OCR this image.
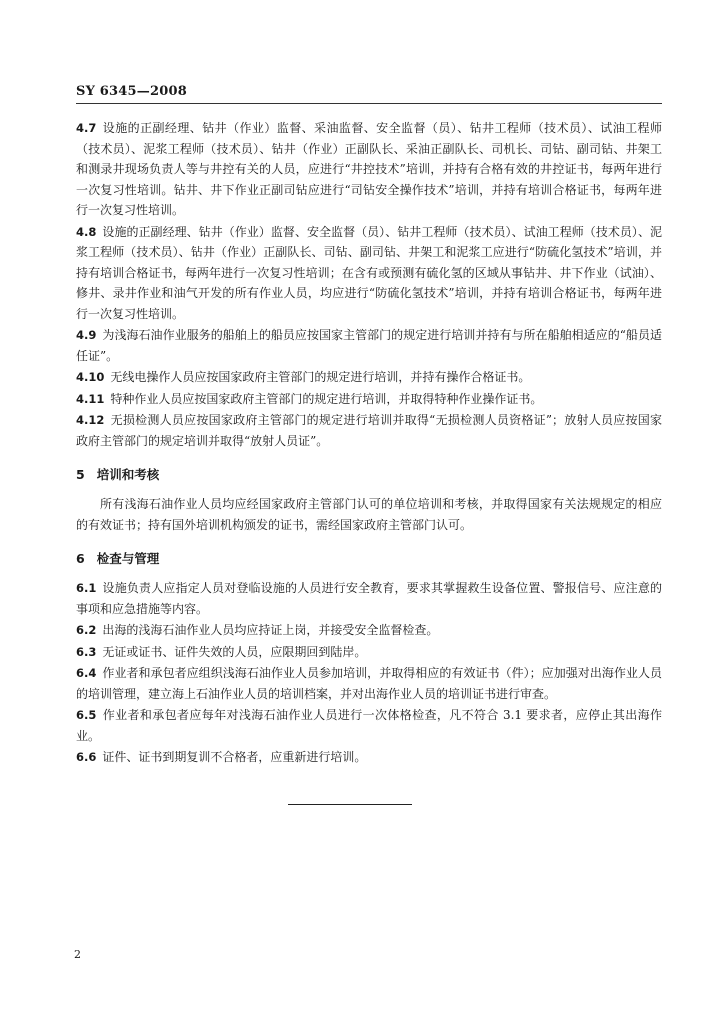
SY 6345—2008

4.7 设施的正副经理、钻井（作业）监督、采油监督、安全监督（员）、钻井工程师（技术员）、试油工程师（技术员）、泥浆工程师（技术员）、钻井（作业）正副队长、采油正副队长、司机长、司钻、副司钻、井架工和测录井现场负责人等与井控有关的人员，应进行“井控技术”培训，并持有合格有效的井控证书，每两年进行一次复习性培训。钻井、井下作业正副司钻应进行“司钻安全操作技术”培训，并持有培训合格证书，每两年进行一次复习性培训。

4.8 设施的正副经理、钻井（作业）监督、安全监督（员）、钻井工程师（技术员）、试油工程师（技术员）、泥浆工程师（技术员）、钻井（作业）正副队长、司钻、副司钻、井架工和泥浆工应进行“防硫化氢技术”培训，并持有培训合格证书，每两年进行一次复习性培训；在含有或预测有硫化氢的区域从事钻井、井下作业（试油）、修井、录井作业和油气开发的所有作业人员，均应进行“防硫化氢技术”培训，并持有培训合格证书，每两年进行一次复习性培训。

4.9 为浅海石油作业服务的船舶上的船员应按国家主管部门的规定进行培训并持有与所在船舶相适应的“船员适任证”。

4.10 无线电操作人员应按国家政府主管部门的规定进行培训，并持有操作合格证书。

4.11 特种作业人员应按国家政府主管部门的规定进行培训，并取得特种作业操作证书。

4.12 无损检测人员应按国家政府主管部门的规定进行培训并取得“无损检测人员资格证”；放射人员应按国家政府主管部门的规定培训并取得“放射人员证”。

5 培训和考核

所有浅海石油作业人员均应经国家政府主管部门认可的单位培训和考核，并取得国家有关法规规定的相应的有效证书；持有国外培训机构颁发的证书，需经国家政府主管部门认可。

6 检查与管理

6.1 设施负责人应指定人员对登临设施的人员进行安全教育，要求其掌握救生设备位置、警报信号、应注意的事项和应急措施等内容。

6.2 出海的浅海石油作业人员均应持证上岗，并接受安全监督检查。

6.3 无证或证书、证件失效的人员，应限期回到陆岸。

6.4 作业者和承包者应组织浅海石油作业人员参加培训，并取得相应的有效证书（件）；应加强对出海作业人员的培训管理，建立海上石油作业人员的培训档案，并对出海作业人员的培训证书进行审查。

6.5 作业者和承包者应每年对浅海石油作业人员进行一次体格检查，凡不符合 3.1 要求者，应停止其出海作业。

6.6 证件、证书到期复训不合格者，应重新进行培训。

2
